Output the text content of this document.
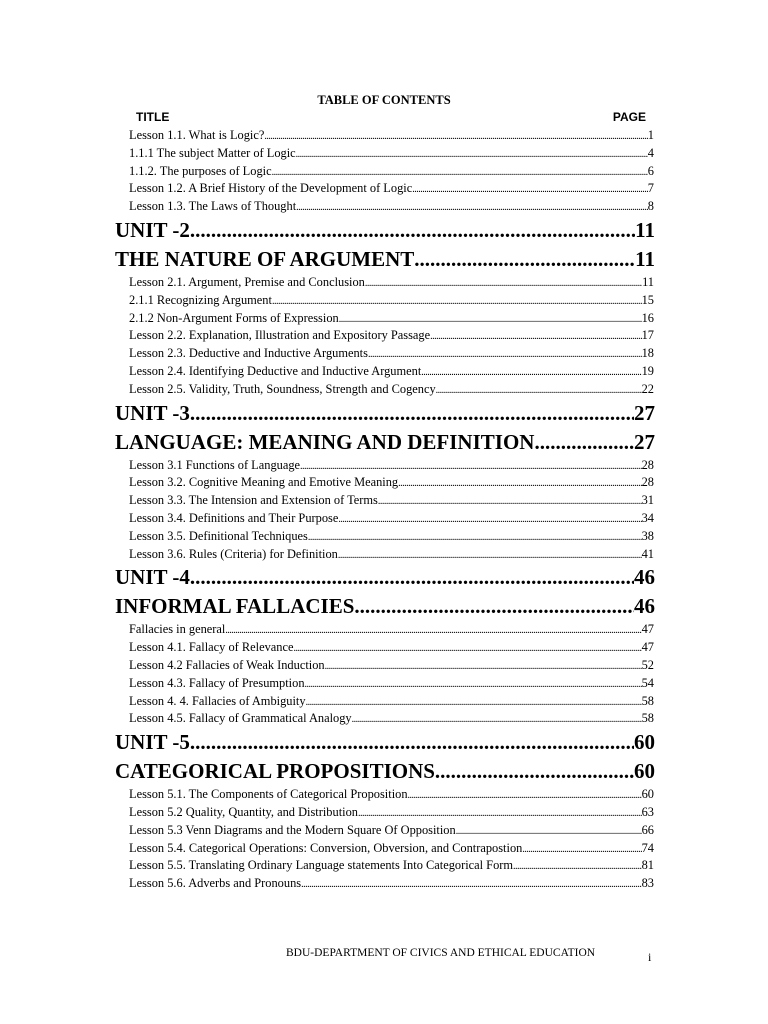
TABLE OF CONTENTS
TITLE	PAGE
Lesson 1.1. What is Logic? .....	1
1.1.1 The subject Matter of Logic .....	4
1.1.2. The purposes of Logic .....	6
Lesson 1.2. A Brief History of the Development of Logic .....	7
Lesson 1.3. The Laws of Thought .....	8
UNIT -2 .....	11
THE NATURE OF ARGUMENT .....	11
Lesson 2.1. Argument, Premise and Conclusion .....	11
2.1.1 Recognizing Argument .....	15
2.1.2 Non-Argument Forms of Expression .....	16
Lesson 2.2. Explanation, Illustration and Expository Passage .....	17
Lesson 2.3. Deductive and Inductive Arguments .....	18
Lesson 2.4. Identifying Deductive and Inductive Argument .....	19
Lesson 2.5. Validity, Truth, Soundness, Strength and Cogency .....	22
UNIT -3 .....	27
LANGUAGE: MEANING AND DEFINITION .....	27
Lesson 3.1 Functions of Language .....	28
Lesson 3.2. Cognitive Meaning and Emotive Meaning .....	28
Lesson 3.3. The Intension and Extension of Terms .....	31
Lesson 3.4. Definitions and Their Purpose .....	34
Lesson 3.5. Definitional Techniques .....	38
Lesson 3.6. Rules (Criteria) for Definition .....	41
UNIT -4 .....	46
INFORMAL FALLACIES .....	46
Fallacies in general .....	47
Lesson 4.1. Fallacy of Relevance .....	47
Lesson 4.2 Fallacies of Weak Induction .....	52
Lesson 4.3. Fallacy of Presumption .....	54
Lesson 4. 4. Fallacies of Ambiguity .....	58
Lesson 4.5. Fallacy of Grammatical Analogy .....	58
UNIT -5 .....	60
CATEGORICAL PROPOSITIONS .....	60
Lesson 5.1. The Components of Categorical Proposition .....	60
Lesson 5.2 Quality, Quantity, and Distribution .....	63
Lesson 5.3 Venn Diagrams and the Modern Square Of Opposition .....	66
Lesson 5.4. Categorical Operations: Conversion, Obversion, and Contrapostion .....	74
Lesson 5.5. Translating Ordinary Language statements Into Categorical Form .....	81
Lesson 5.6. Adverbs and Pronouns .....	83
BDU-DEPARTMENT OF CIVICS AND ETHICAL EDUCATION	i
